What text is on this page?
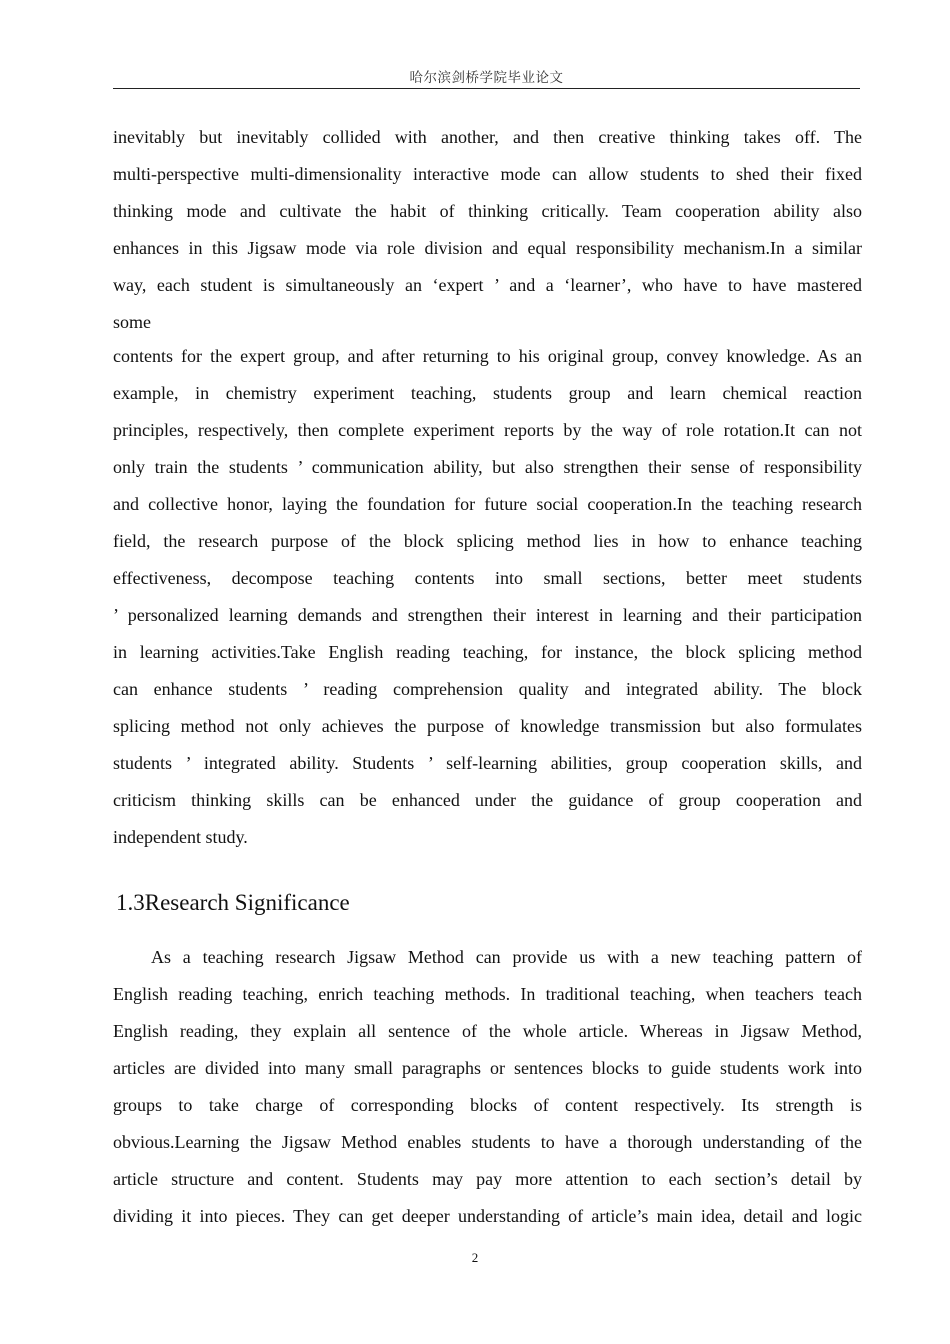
哈尔滨剑桥学院毕业论文
inevitably but inevitably collided with another, and then creative thinking takes off. The
multi-perspective multi-dimensionality interactive mode can allow students to shed their fixed
thinking mode and cultivate the habit of thinking critically. Team cooperation ability also
enhances in this Jigsaw mode via role division and equal responsibility mechanism.In a similar
way, each student is simultaneously an ‘expert ’ and a ‘learner’, who have to have mastered
some
contents for the expert group, and after returning to his original group, convey knowledge. As an
example, in chemistry experiment teaching, students group and learn chemical reaction
principles, respectively, then complete experiment reports by the way of role rotation.It can not
only train the students ’ communication ability, but also strengthen their sense of responsibility
and collective honor, laying the foundation for future social cooperation.In the teaching research
field, the research purpose of the block splicing method lies in how to enhance teaching
effectiveness, decompose teaching contents into small sections, better meet students
’ personalized learning demands and strengthen their interest in learning and their participation
in learning activities.Take English reading teaching, for instance, the block splicing method
can enhance students ’ reading comprehension quality and integrated ability. The block
splicing method not only achieves the purpose of knowledge transmission but also formulates
students ’ integrated ability. Students ’ self-learning abilities, group cooperation skills, and
criticism thinking skills can be enhanced under the guidance of group cooperation and
independent study.
1.3Research Significance
As a teaching research Jigsaw Method can provide us with a new teaching pattern of
English reading teaching, enrich teaching methods. In traditional teaching, when teachers teach
English reading, they explain all sentence of the whole article. Whereas in Jigsaw Method,
articles are divided into many small paragraphs or sentences blocks to guide students work into
groups to take charge of corresponding blocks of content respectively. Its strength is
obvious.Learning the Jigsaw Method enables students to have a thorough understanding of the
article structure and content. Students may pay more attention to each section’s detail by
dividing it into pieces. They can get deeper understanding of article’s main idea, detail and logic
2
